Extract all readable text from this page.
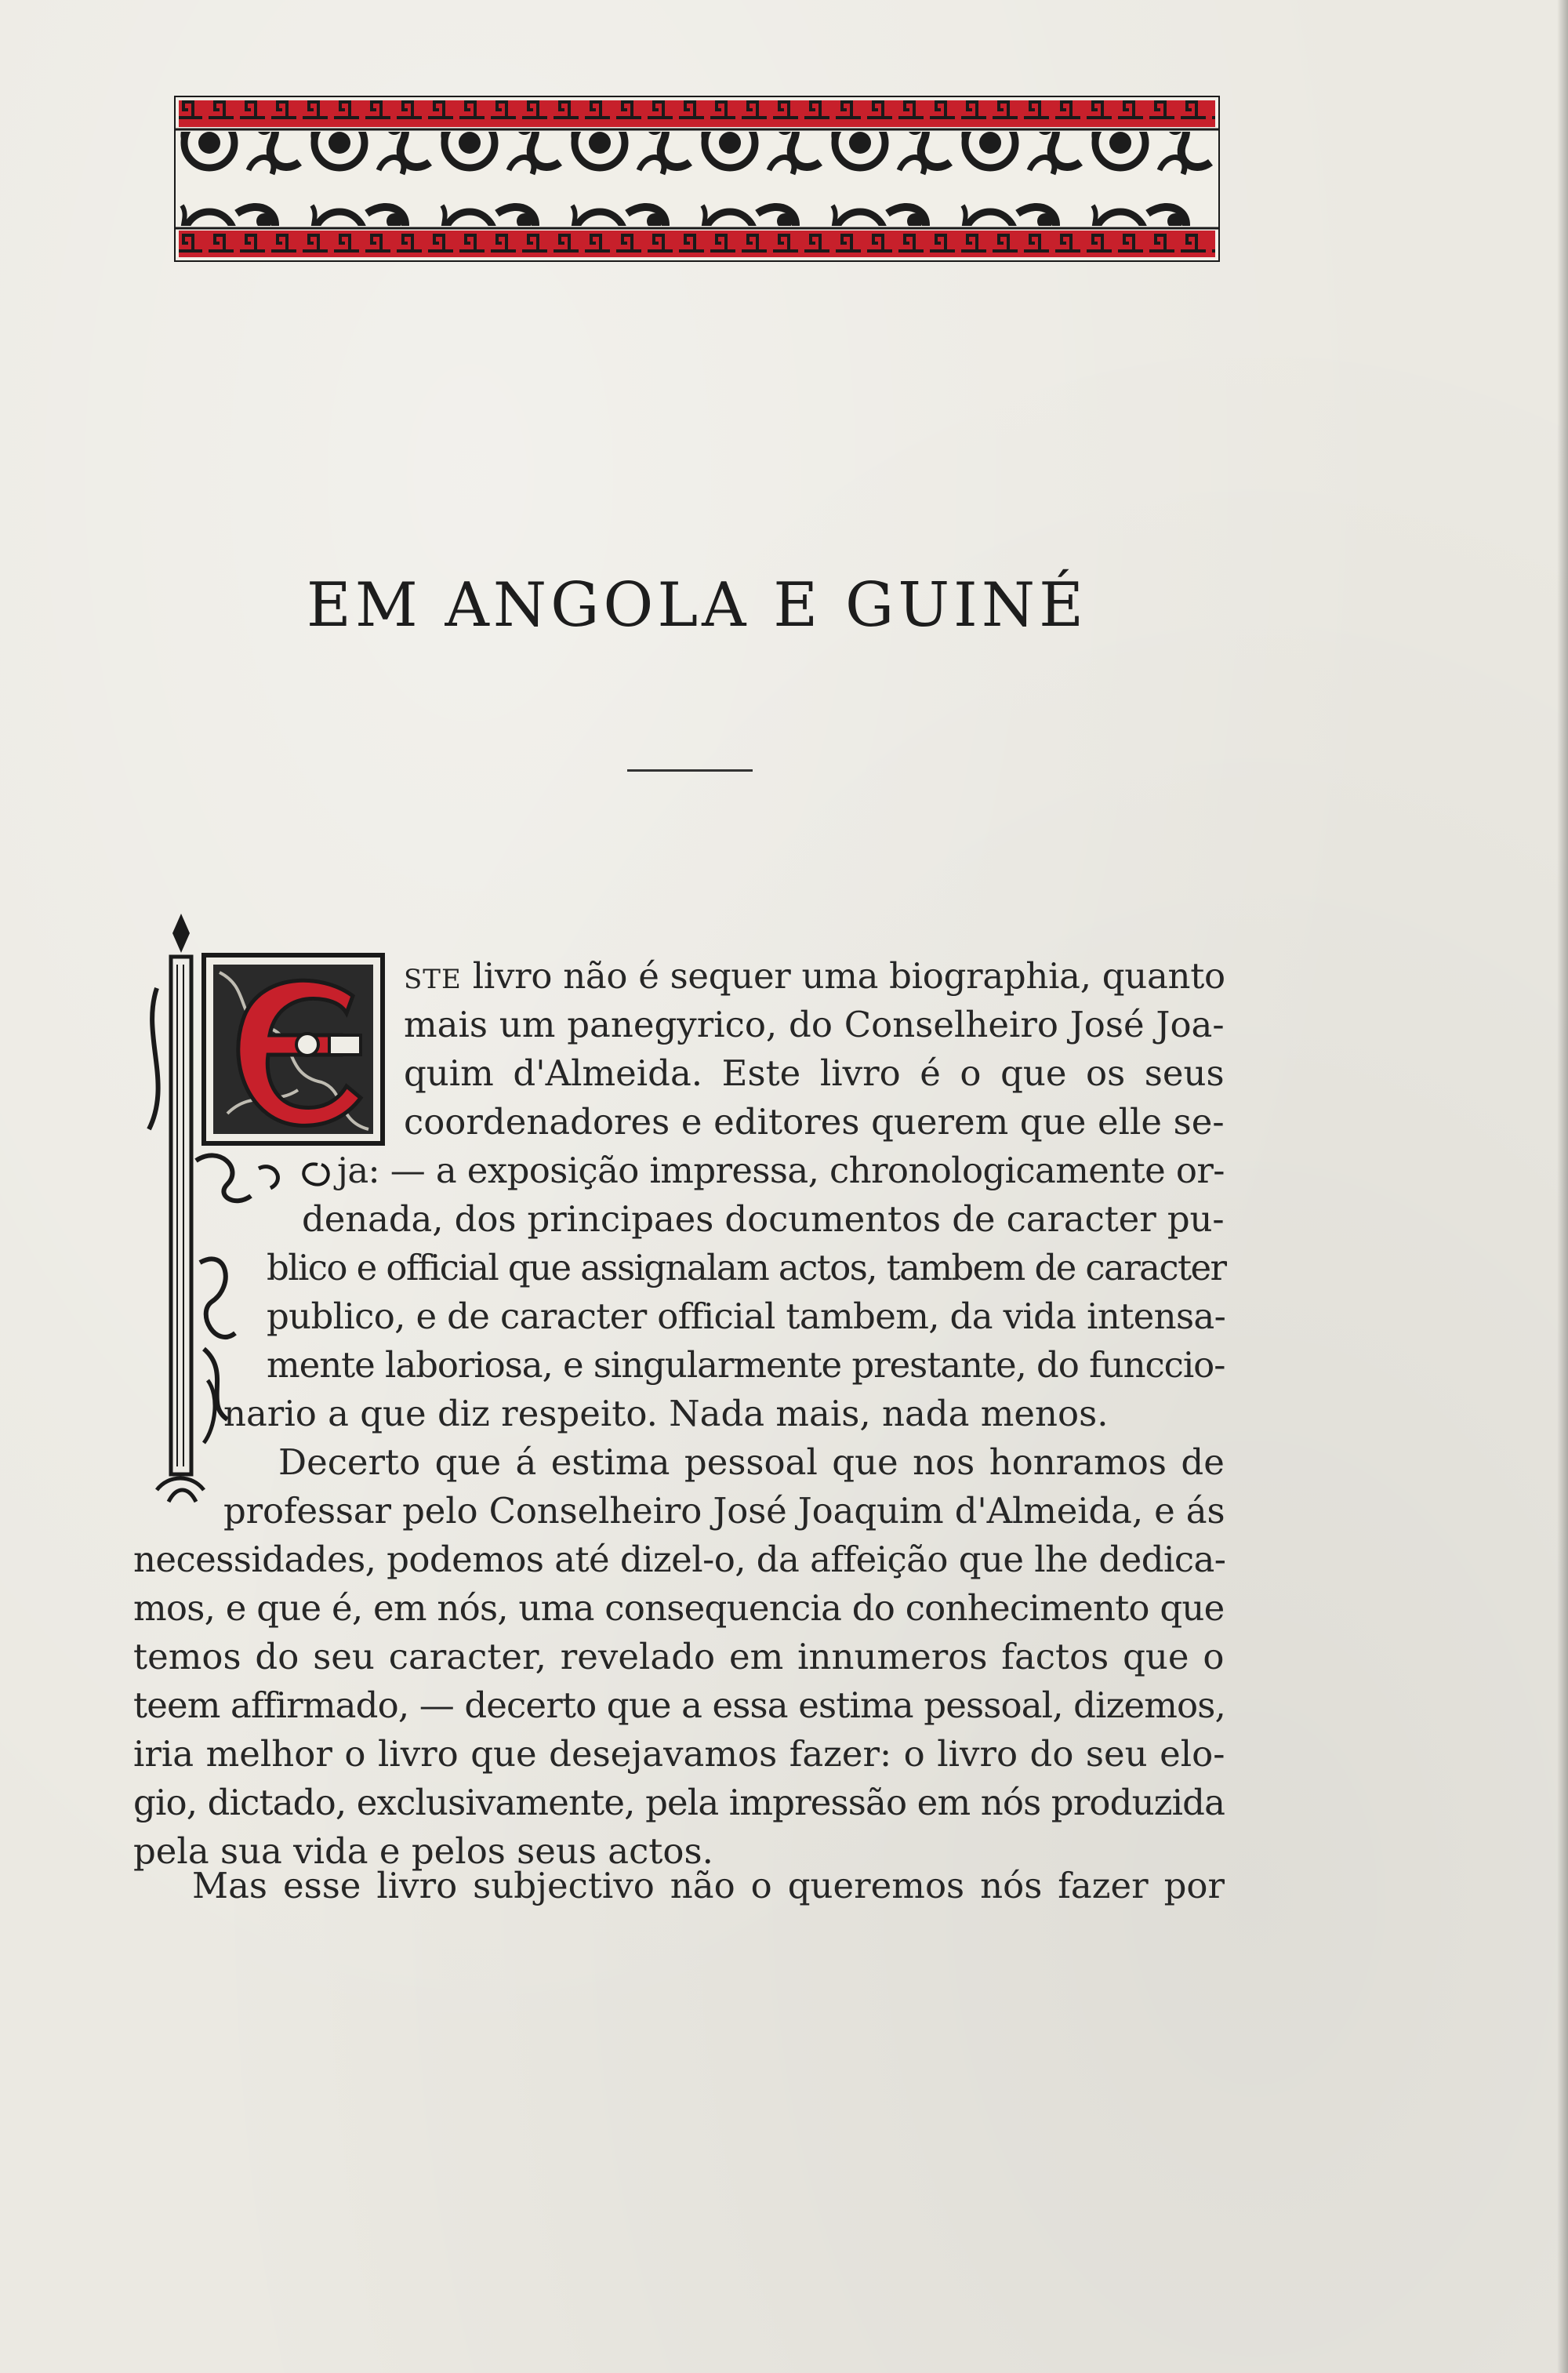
EM ANGOLA E GUINÉ
STE livro não é sequer uma biographia, quanto
mais um panegyrico, do Conselheiro José Joa-
quim d'Almeida. Este livro é o que os seus
coordenadores e editores querem que elle se-
ja: — a exposição impressa, chronologicamente or-
denada, dos principaes documentos de caracter pu-
blico e official que assignalam actos, tambem de caracter
publico, e de caracter official tambem, da vida intensa-
mente laboriosa, e singularmente prestante, do funccio-
nario a que diz respeito. Nada mais, nada menos.
Decerto que á estima pessoal que nos honramos de
professar pelo Conselheiro José Joaquim d'Almeida, e ás
necessidades, podemos até dizel-o, da affeição que lhe dedica-
mos, e que é, em nós, uma consequencia do conhecimento que
temos do seu caracter, revelado em innumeros factos que o
teem affirmado, — decerto que a essa estima pessoal, dizemos,
iria melhor o livro que desejavamos fazer: o livro do seu elo-
gio, dictado, exclusivamente, pela impressão em nós produzida
pela sua vida e pelos seus actos.
Mas esse livro subjectivo não o queremos nós fazer por
